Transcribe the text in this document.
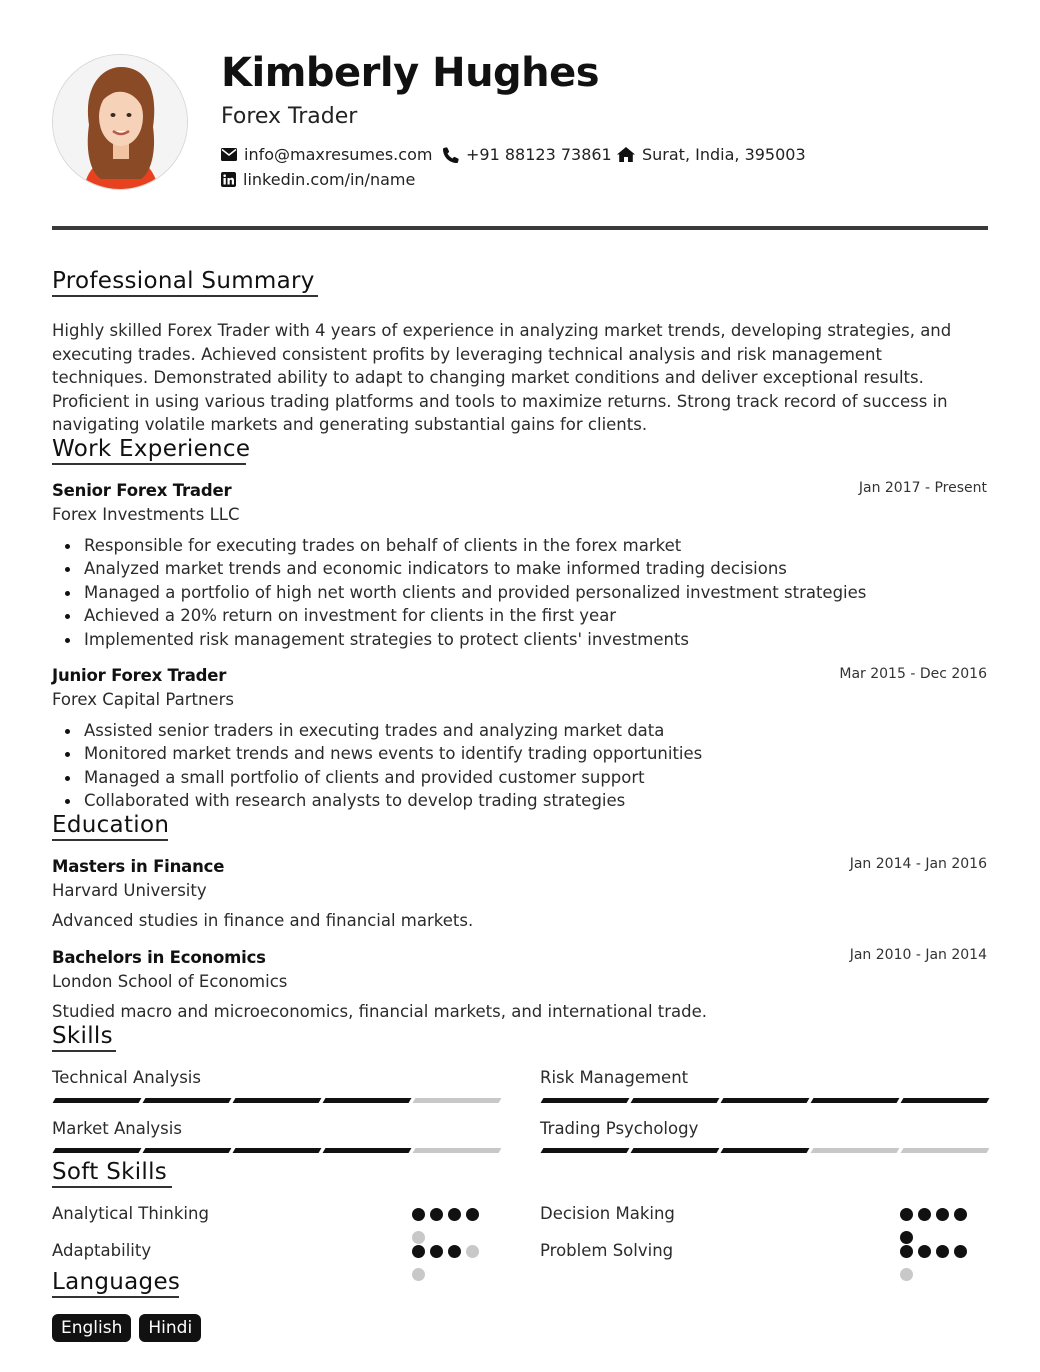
Kimberly Hughes
Forex Trader
info@maxresumes.com +91 88123 73861 Surat, India, 395003
linkedin.com/in/name
Professional Summary
Highly skilled Forex Trader with 4 years of experience in analyzing market trends, developing strategies, and executing trades. Achieved consistent profits by leveraging technical analysis and risk management techniques. Demonstrated ability to adapt to changing market conditions and deliver exceptional results. Proficient in using various trading platforms and tools to maximize returns. Strong track record of success in navigating volatile markets and generating substantial gains for clients.
Work Experience
Senior Forex Trader	Jan 2017 - Present
Forex Investments LLC
Responsible for executing trades on behalf of clients in the forex market
Analyzed market trends and economic indicators to make informed trading decisions
Managed a portfolio of high net worth clients and provided personalized investment strategies
Achieved a 20% return on investment for clients in the first year
Implemented risk management strategies to protect clients' investments
Junior Forex Trader	Mar 2015 - Dec 2016
Forex Capital Partners
Assisted senior traders in executing trades and analyzing market data
Monitored market trends and news events to identify trading opportunities
Managed a small portfolio of clients and provided customer support
Collaborated with research analysts to develop trading strategies
Education
Masters in Finance	Jan 2014 - Jan 2016
Harvard University
Advanced studies in finance and financial markets.
Bachelors in Economics	Jan 2010 - Jan 2014
London School of Economics
Studied macro and microeconomics, financial markets, and international trade.
Skills
Technical Analysis	Risk Management
Market Analysis	Trading Psychology
Soft Skills
Analytical Thinking	Decision Making
Adaptability	Problem Solving
Languages
English	Hindi
